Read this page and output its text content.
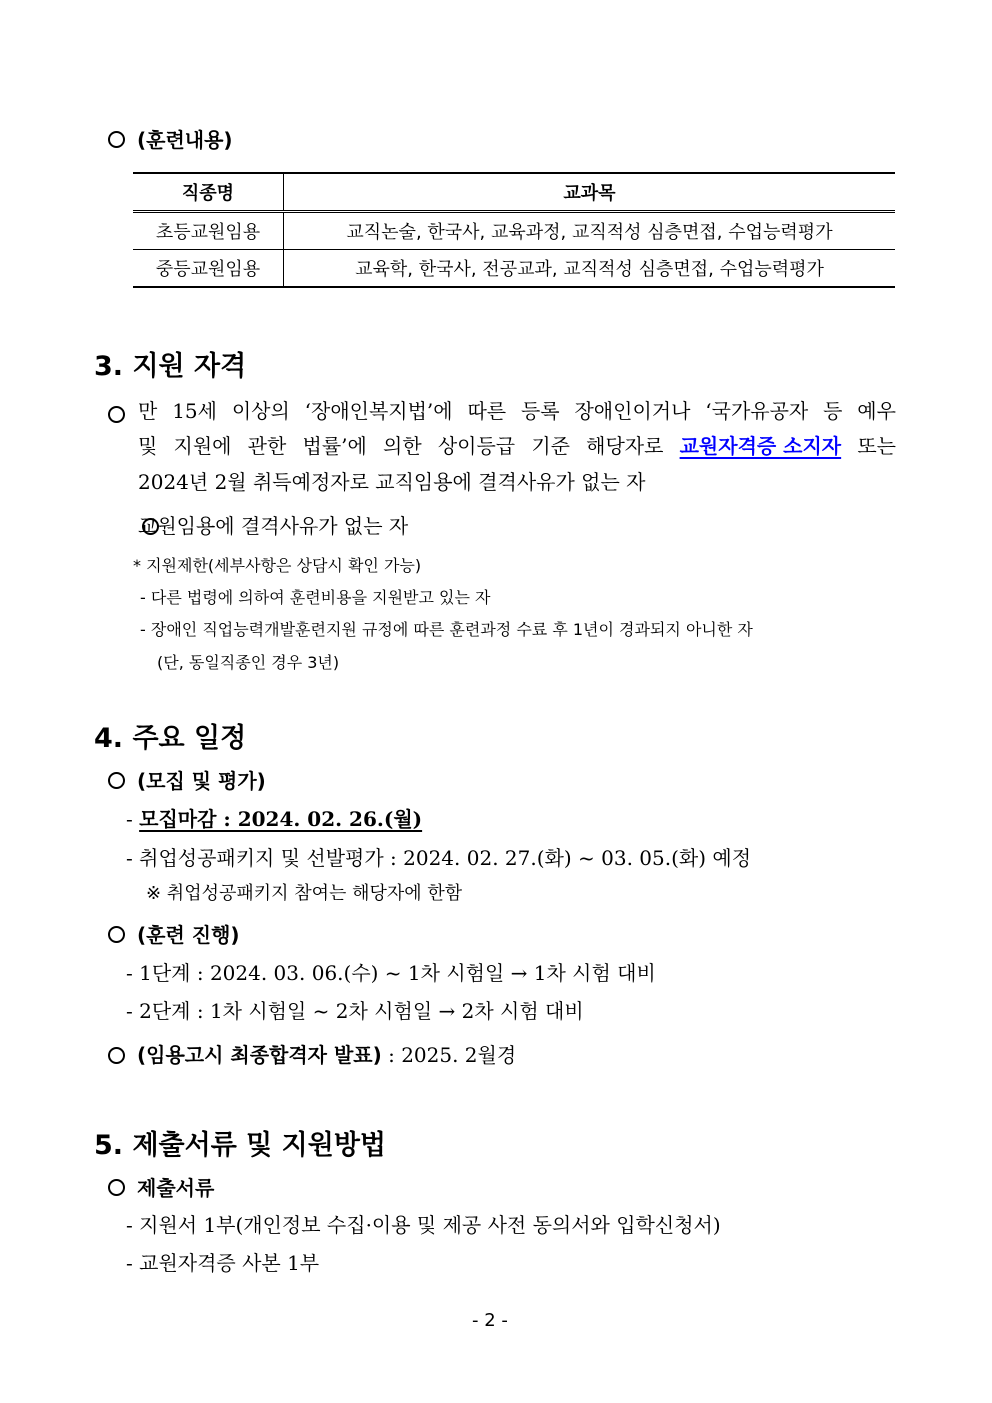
(훈련내용)
직종명	교과목
초등교원임용	교직논술, 한국사, 교육과정, 교직적성 심층면접, 수업능력평가
중등교원임용	교육학, 한국사, 전공교과, 교직적성 심층면접, 수업능력평가
3. 지원 자격

만 15세 이상의 ‘장애인복지법’에 따른 등록 장애인이거나 ‘국가유공자 등 예우
및 지원에 관한 법률’에 의한 상이등급 기준 해당자로 교원자격증 소지자 또는
2024년 2월 취득예정자로 교직임용에 결격사유가 없는 자
교원임용에 결격사유가 없는 자
* 지원제한(세부사항은 상담시 확인 가능)
- 다른 법령에 의하여 훈련비용을 지원받고 있는 자
- 장애인 직업능력개발훈련지원 규정에 따른 훈련과정 수료 후 1년이 경과되지 아니한 자
(단, 동일직종인 경우 3년)
4. 주요 일정
(모집 및 평가)
- 모집마감 : 2024. 02. 26.(월)
- 취업성공패키지 및 선발평가 : 2024. 02. 27.(화) ~ 03. 05.(화) 예정
※ 취업성공패키지 참여는 해당자에 한함
(훈련 진행)
- 1단계 : 2024. 03. 06.(수) ~ 1차 시험일 → 1차 시험 대비
- 2단계 : 1차 시험일 ~ 2차 시험일 → 2차 시험 대비
(임용고시 최종합격자 발표) : 2025. 2월경
5. 제출서류 및 지원방법
제출서류
- 지원서 1부(개인정보 수집·이용 및 제공 사전 동의서와 입학신청서)
- 교원자격증 사본 1부
- 2 -
